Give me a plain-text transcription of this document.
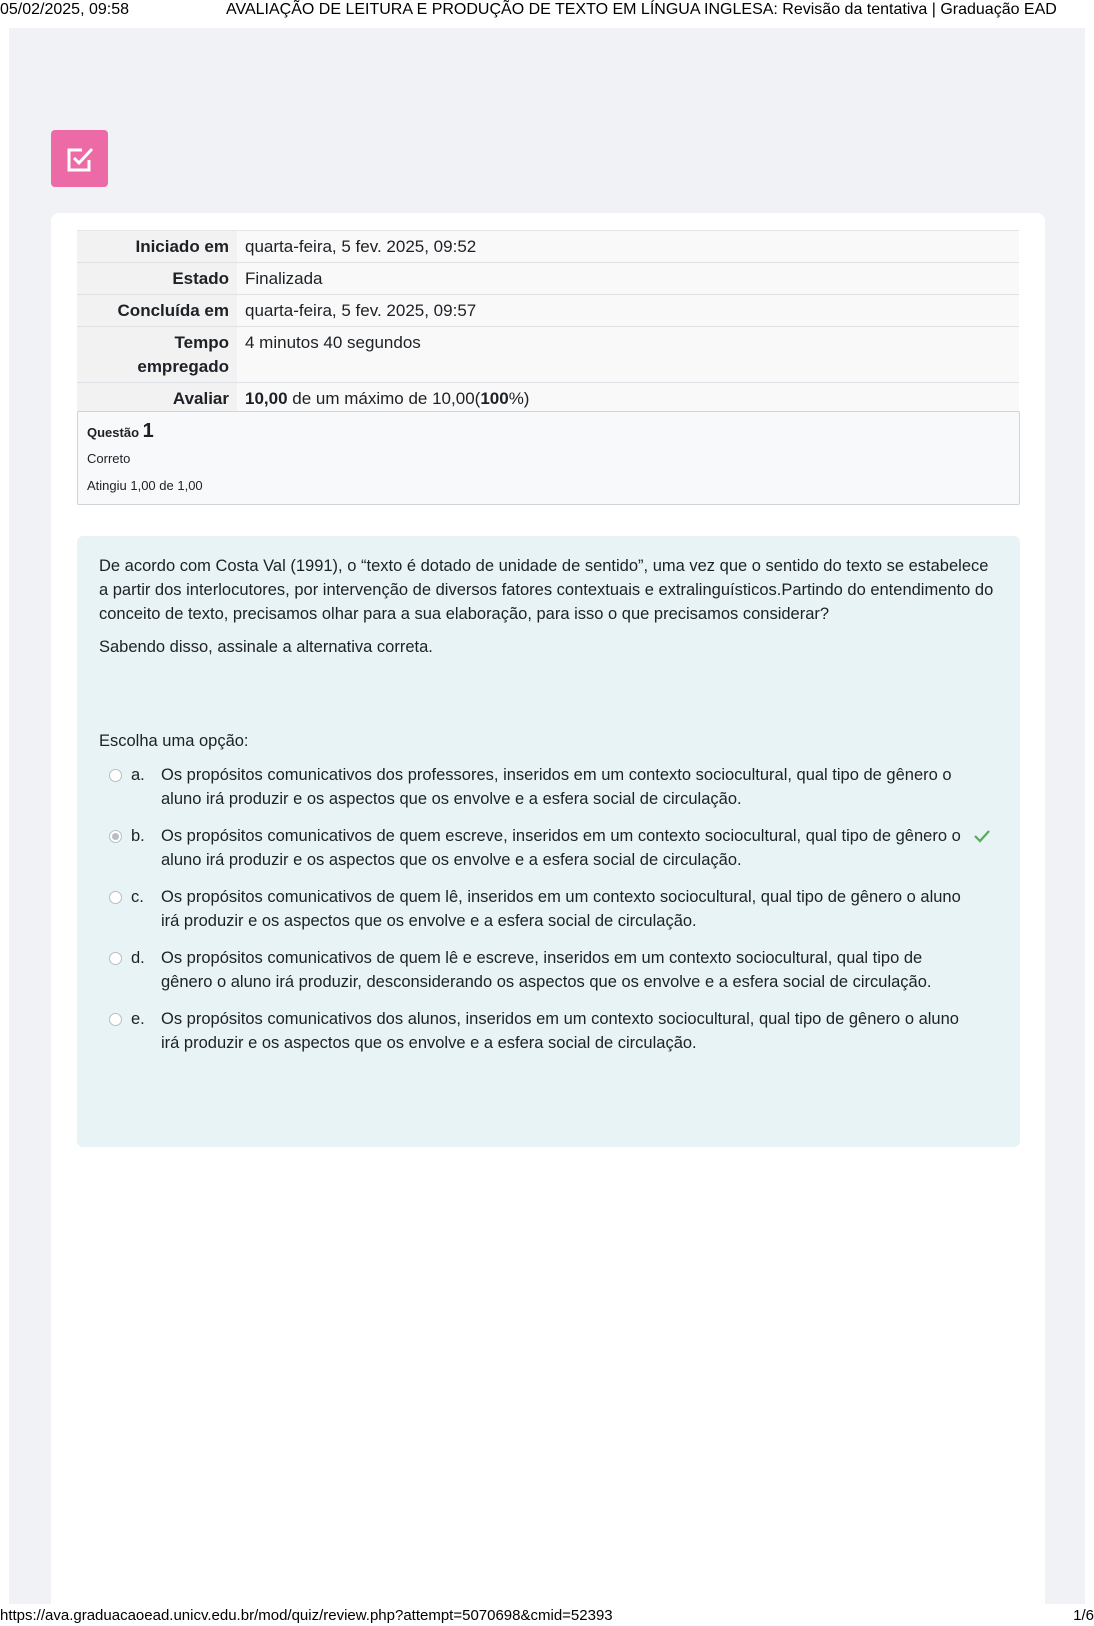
05/02/2025, 09:58	AVALIAÇÃO DE LEITURA E PRODUÇÃO DE TEXTO EM LÍNGUA INGLESA: Revisão da tentativa | Graduação EAD
Iniciado em	quarta-feira, 5 fev. 2025, 09:52
Estado	Finalizada
Concluída em	quarta-feira, 5 fev. 2025, 09:57
Tempo empregado	4 minutos 40 segundos
Avaliar	10,00 de um máximo de 10,00(100%)
Questão 1
Correto
Atingiu 1,00 de 1,00

De acordo com Costa Val (1991), o “texto é dotado de unidade de sentido”, uma vez que o sentido do texto se estabelece a partir dos interlocutores, por intervenção de diversos fatores contextuais e extralinguísticos.Partindo do entendimento do conceito de texto, precisamos olhar para a sua elaboração, para isso o que precisamos considerar?

Sabendo disso, assinale a alternativa correta.

Escolha uma opção:
a. Os propósitos comunicativos dos professores, inseridos em um contexto sociocultural, qual tipo de gênero o aluno irá produzir e os aspectos que os envolve e a esfera social de circulação.
b. Os propósitos comunicativos de quem escreve, inseridos em um contexto sociocultural, qual tipo de gênero o aluno irá produzir e os aspectos que os envolve e a esfera social de circulação.
c. Os propósitos comunicativos de quem lê, inseridos em um contexto sociocultural, qual tipo de gênero o aluno irá produzir e os aspectos que os envolve e a esfera social de circulação.
d. Os propósitos comunicativos de quem lê e escreve, inseridos em um contexto sociocultural, qual tipo de gênero o aluno irá produzir, desconsiderando os aspectos que os envolve e a esfera social de circulação.
e. Os propósitos comunicativos dos alunos, inseridos em um contexto sociocultural, qual tipo de gênero o aluno irá produzir e os aspectos que os envolve e a esfera social de circulação.
https://ava.graduacaoead.unicv.edu.br/mod/quiz/review.php?attempt=5070698&cmid=52393	1/6
